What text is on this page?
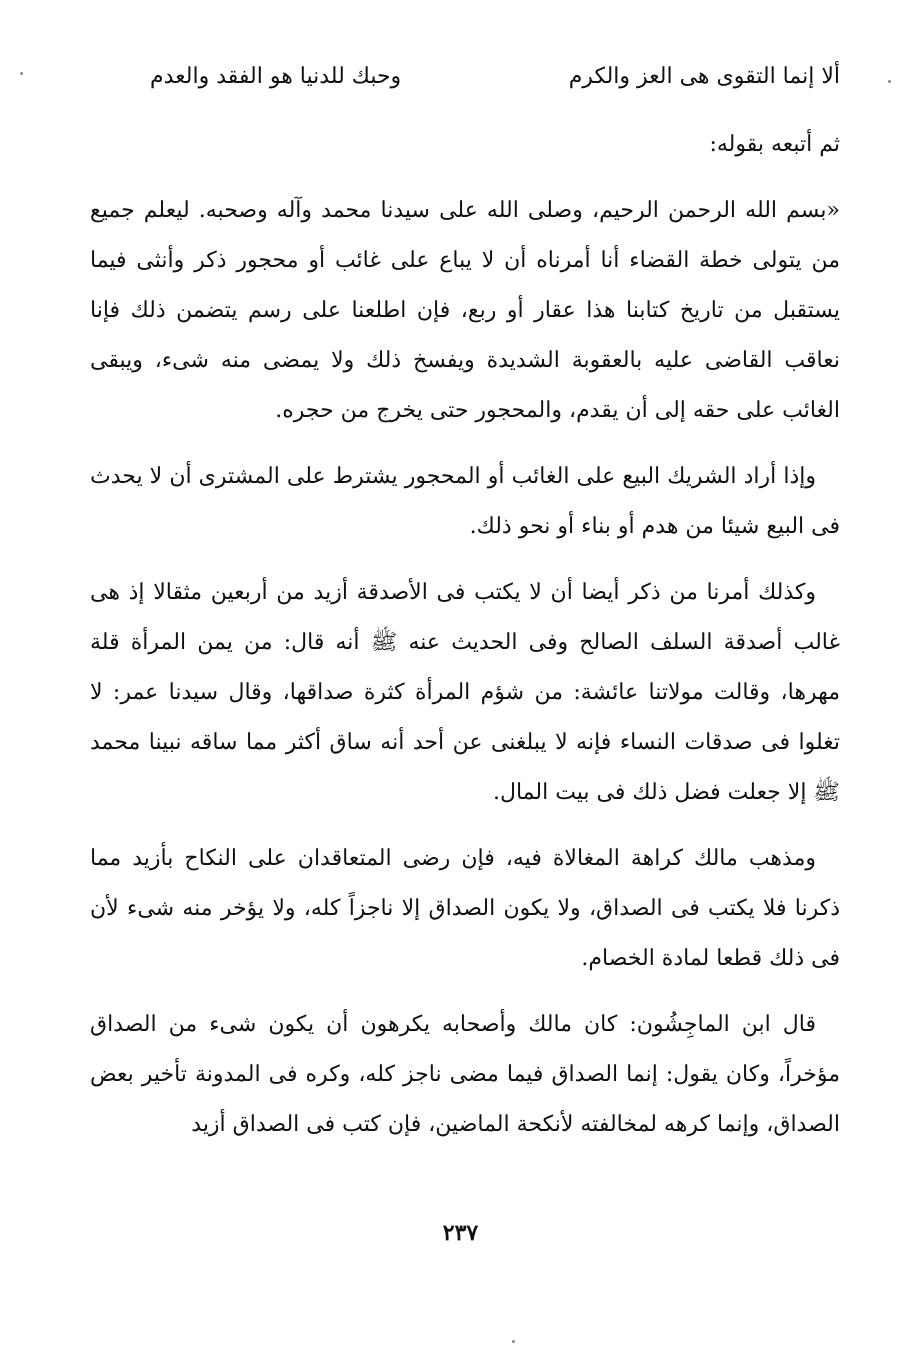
ألا إنما التقوى هى العز والكرم
وحبك للدنيا هو الفقد والعدم

ثم أتبعه بقوله:

«بسم الله الرحمن الرحيم، وصلى الله على سيدنا محمد وآله وصحبه. ليعلم جميع من يتولى خطة القضاء أنا أمرناه أن لا يباع على غائب أو محجور ذكر وأنثى فيما يستقبل من تاريخ كتابنا هذا عقار أو ربع، فإن اطلعنا على رسم يتضمن ذلك فإنا نعاقب القاضى عليه بالعقوبة الشديدة ويفسخ ذلك ولا يمضى منه شىء، ويبقى الغائب على حقه إلى أن يقدم، والمحجور حتى يخرج من حجره.

وإذا أراد الشريك البيع على الغائب أو المحجور يشترط على المشترى أن لا يحدث فى البيع شيئا من هدم أو بناء أو نحو ذلك.

وكذلك أمرنا من ذكر أيضا أن لا يكتب فى الأصدقة أزيد من أربعين مثقالا إذ هى غالب أصدقة السلف الصالح وفى الحديث عنه ﷺ أنه قال: من يمن المرأة قلة مهرها، وقالت مولاتنا عائشة: من شؤم المرأة كثرة صداقها، وقال سيدنا عمر: لا تغلوا فى صدقات النساء فإنه لا يبلغنى عن أحد أنه ساق أكثر مما ساقه نبينا محمد ﷺ إلا جعلت فضل ذلك فى بيت المال.

ومذهب مالك كراهة المغالاة فيه، فإن رضى المتعاقدان على النكاح بأزيد مما ذكرنا فلا يكتب فى الصداق، ولا يكون الصداق إلا ناجزاً كله، ولا يؤخر منه شىء لأن فى ذلك قطعا لمادة الخصام.

قال ابن الماجِشُون: كان مالك وأصحابه يكرهون أن يكون شىء من الصداق مؤخراً، وكان يقول: إنما الصداق فيما مضى ناجز كله، وكره فى المدونة تأخير بعض الصداق، وإنما كرهه لمخالفته لأنكحة الماضين، فإن كتب فى الصداق أزيد

٢٣٧
